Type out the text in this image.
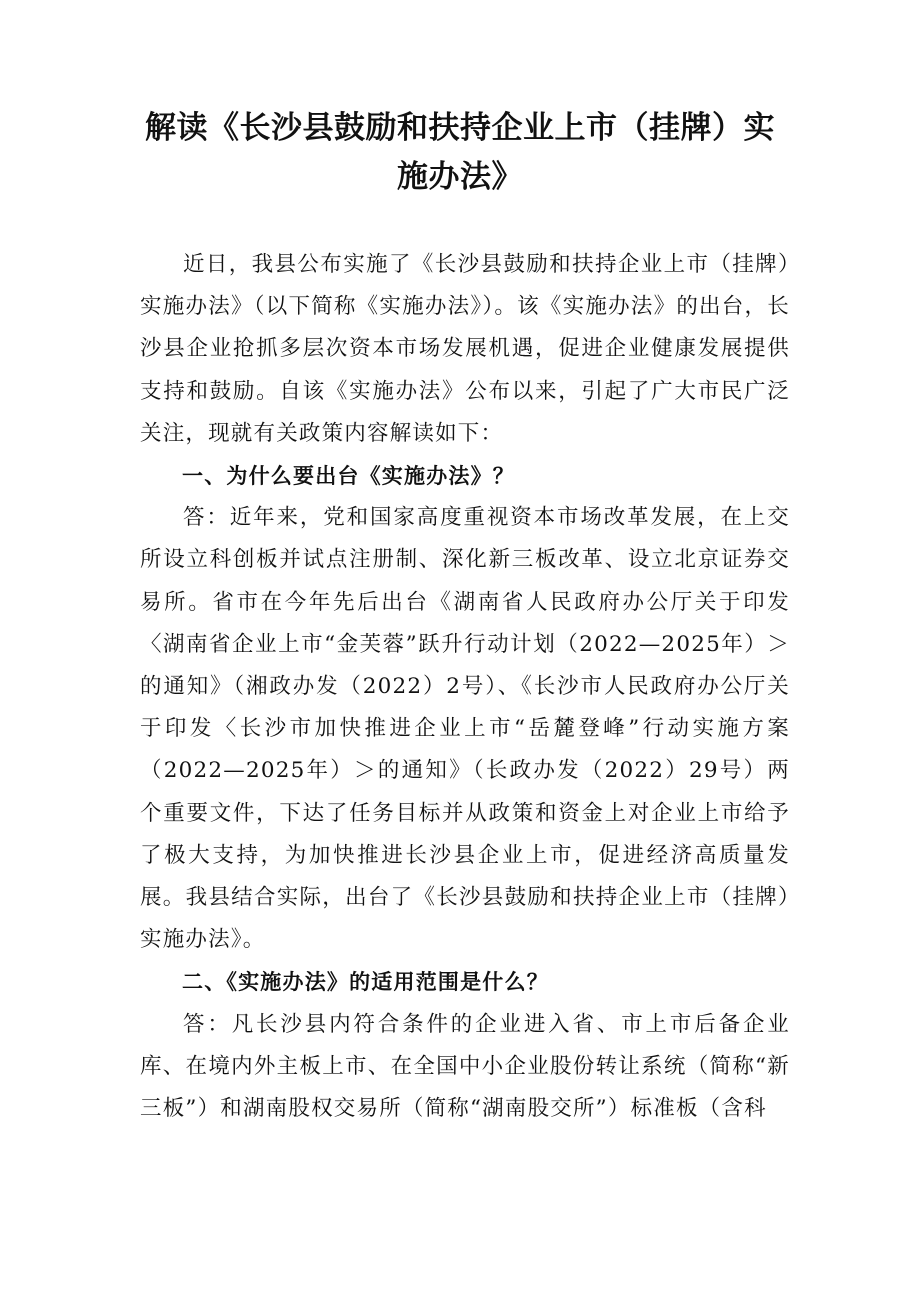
解读《长沙县鼓励和扶持企业上市（挂牌）实
施办法》

近日，我县公布实施了《长沙县鼓励和扶持企业上市（挂牌）实施办法》（以下简称《实施办法》）。该《实施办法》的出台，长沙县企业抢抓多层次资本市场发展机遇，促进企业健康发展提供支持和鼓励。自该《实施办法》公布以来，引起了广大市民广泛关注，现就有关政策内容解读如下：

一、为什么要出台《实施办法》？

答：近年来，党和国家高度重视资本市场改革发展，在上交所设立科创板并试点注册制、深化新三板改革、设立北京证券交易所。省市在今年先后出台《湖南省人民政府办公厅关于印发〈湖南省企业上市“金芙蓉”跃升行动计划（2022—2025年）＞的通知》（湘政办发（2022）2号）、《长沙市人民政府办公厅关于印发〈长沙市加快推进企业上市“岳麓登峰”行动实施方案（2022—2025年）＞的通知》（长政办发（2022）29号）两个重要文件，下达了任务目标并从政策和资金上对企业上市给予了极大支持，为加快推进长沙县企业上市，促进经济高质量发展。我县结合实际，出台了《长沙县鼓励和扶持企业上市（挂牌）实施办法》。

二、《实施办法》的适用范围是什么？

答：凡长沙县内符合条件的企业进入省、市上市后备企业库、在境内外主板上市、在全国中小企业股份转让系统（简称“新三板”）和湖南股权交易所（简称“湖南股交所”）标准板（含科
